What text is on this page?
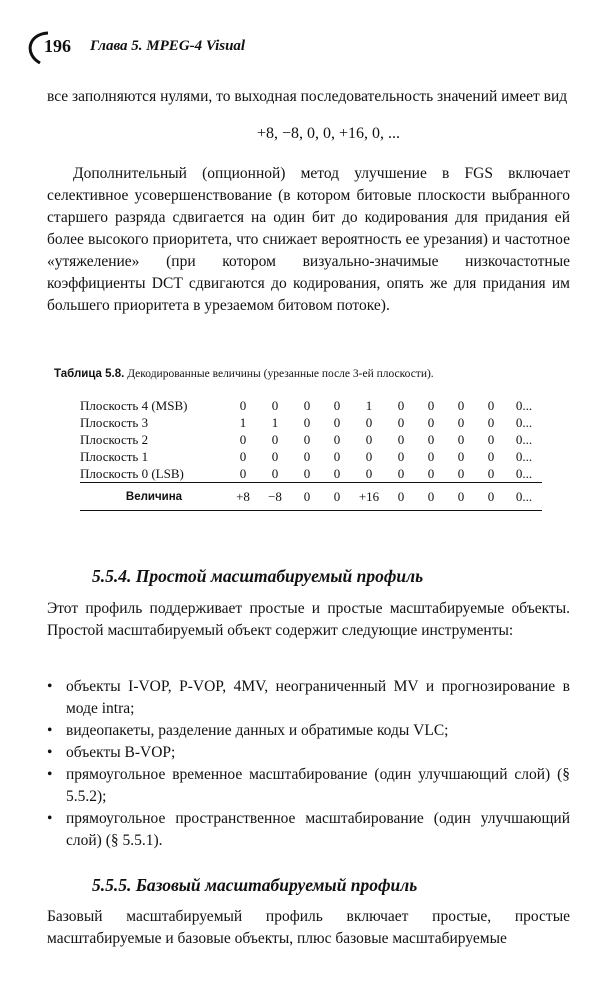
196 Глава 5. MPEG-4 Visual

все заполняются нулями, то выходная последовательность значений имеет вид

+8, −8, 0, 0, +16, 0, ...

Дополнительный (опционной) метод улучшение в FGS включает селективное усовершенствование (в котором битовые плоскости выбранного старшего разряда сдвигается на один бит до кодирования для придания ей более высокого приоритета, что снижает вероятность ее урезания) и частотное «утяжеление» (при котором визуально-значимые низкочастотные коэффициенты DCT сдвигаются до кодирования, опять же для придания им большего приоритета в урезаемом битовом потоке).

Таблица 5.8. Декодированные величины (урезанные после 3-ей плоскости).
Плоскость 4 (MSB)	0	0	0	0	1	0	0	0	0	0...
Плоскость 3	1	1	0	0	0	0	0	0	0	0...
Плоскость 2	0	0	0	0	0	0	0	0	0	0...
Плоскость 1	0	0	0	0	0	0	0	0	0	0...
Плоскость 0 (LSB)	0	0	0	0	0	0	0	0	0	0...
Величина	+8	−8	0	0	+16	0	0	0	0	0...
5.5.4. Простой масштабируемый профиль

Этот профиль поддерживает простые и простые масштабируемые объекты. Простой масштабируемый объект содержит следующие инструменты:

• объекты I-VOP, P-VOP, 4MV, неограниченный MV и прогнозирование в моде intra;
• видеопакеты, разделение данных и обратимые коды VLC;
• объекты B-VOP;
• прямоугольное временное масштабирование (один улучшающий слой) (§ 5.5.2);
• прямоугольное пространственное масштабирование (один улучшающий слой) (§ 5.5.1).
5.5.5. Базовый масштабируемый профиль

Базовый масштабируемый профиль включает простые, простые масштабируемые и базовые объекты, плюс базовые масштабируемые
